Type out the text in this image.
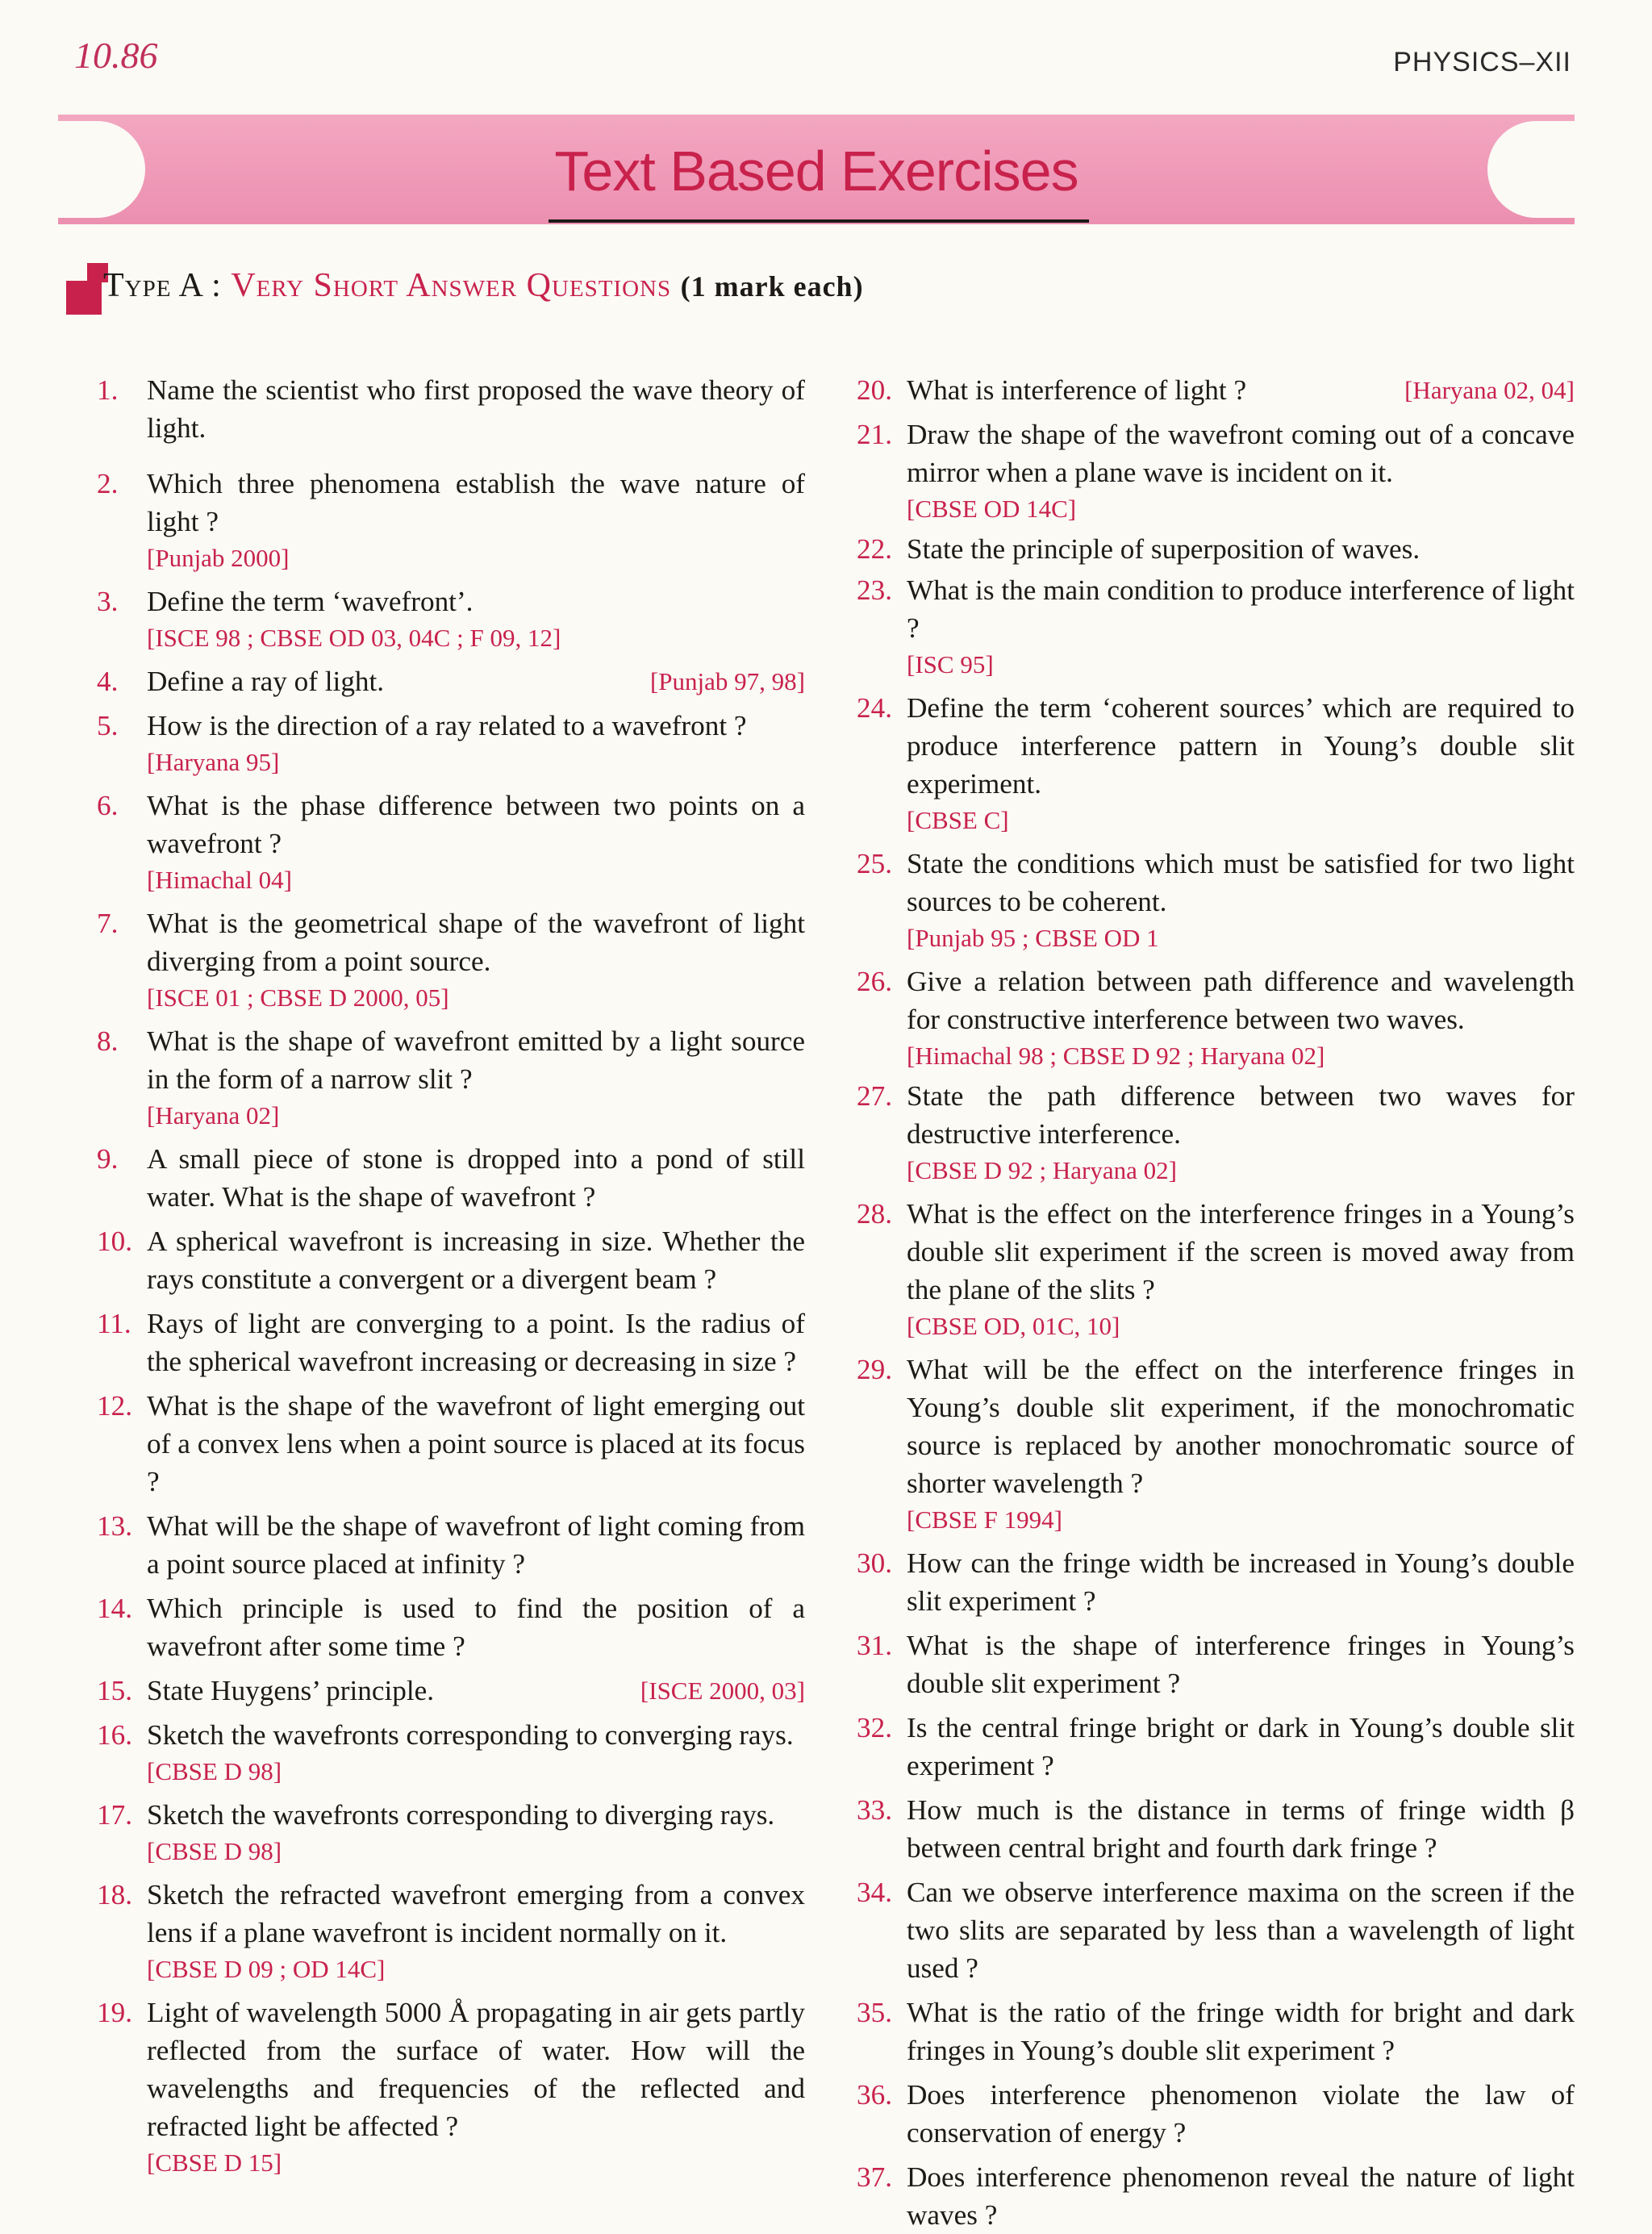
10.86	PHYSICS–XII
Text Based Exercises
Type A : Very Short Answer Questions (1 mark each)
1.	Name the scientist who first proposed the wave theory of light.
2.	Which three phenomena establish the wave nature of light ?
[Punjab 2000]
3.	Define the term ‘wavefront’.
[ISCE 98 ; CBSE OD 03, 04C ; F 09, 12]
4.	[Punjab 97, 98]
Define a ray of light.
5.	How is the direction of a ray related to a wavefront ?
[Haryana 95]
6.	What is the phase difference between two points on a wavefront ?
[Himachal 04]
7.	What is the geometrical shape of the wavefront of light diverging from a point source.
[ISCE 01 ; CBSE D 2000, 05]
8.	What is the shape of wavefront emitted by a light source in the form of a narrow slit ?
[Haryana 02]
9.	A small piece of stone is dropped into a pond of still water. What is the shape of wavefront ?
10. A spherical wavefront is increasing in size. Whether the rays constitute a convergent or a divergent beam ?
11. Rays of light are converging to a point. Is the radius of the spherical wavefront increasing or decreasing in size ?
12. What is the shape of the wavefront of light emerging out of a convex lens when a point source is placed at its focus ?
13. What will be the shape of wavefront of light coming from a point source placed at infinity ?
14. Which principle is used to find the position of a wavefront after some time ?
15.	[ISCE 2000, 03]
State Huygens’ principle.
16. Sketch the wavefronts corresponding to converging rays.
[CBSE D 98]
17. Sketch the wavefronts corresponding to diverging rays.
[CBSE D 98]
18. Sketch the refracted wavefront emerging from a convex lens if a plane wavefront is incident normally on it.
[CBSE D 09 ; OD 14C]
19. Light of wavelength 5000 Å propagating in air gets partly reflected from the surface of water. How will the wavelengths and frequencies of the reflected and refracted light be affected ?
[CBSE D 15]
20.	[Haryana 02, 04]
What is interference of light ?
21. Draw the shape of the wavefront coming out of a concave mirror when a plane wave is incident on it.
[CBSE OD 14C]
22. State the principle of superposition of waves.
23. What is the main condition to produce interference of light ?
[ISC 95]
24. Define the term ‘coherent sources’ which are required to produce interference pattern in Young’s double slit experiment.
[CBSE C]
25. State the conditions which must be satisfied for two light sources to be coherent.
[Punjab 95 ; CBSE OD 1
26. Give a relation between path difference and wavelength for constructive interference between two waves.
[Himachal 98 ; CBSE D 92 ; Haryana 02]
27. State the path difference between two waves for destructive interference.
[CBSE D 92 ; Haryana 02]
28. What is the effect on the interference fringes in a Young’s double slit experiment if the screen is moved away from the plane of the slits ?
[CBSE OD, 01C, 10]
29. What will be the effect on the interference fringes in Young’s double slit experiment, if the monochromatic source is replaced by another monochromatic source of shorter wavelength ?
[CBSE F 1994]
30. How can the fringe width be increased in Young’s double slit experiment ?
31. What is the shape of interference fringes in Young’s double slit experiment ?
32. Is the central fringe bright or dark in Young’s double slit experiment ?
33. How much is the distance in terms of fringe width β between central bright and fourth dark fringe ?
34. Can we observe interference maxima on the screen if the two slits are separated by less than a wavelength of light used ?
35. What is the ratio of the fringe width for bright and dark fringes in Young’s double slit experiment ?
36. Does interference phenomenon violate the law of conservation of energy ?
37. Does interference phenomenon reveal the nature of light waves ?
